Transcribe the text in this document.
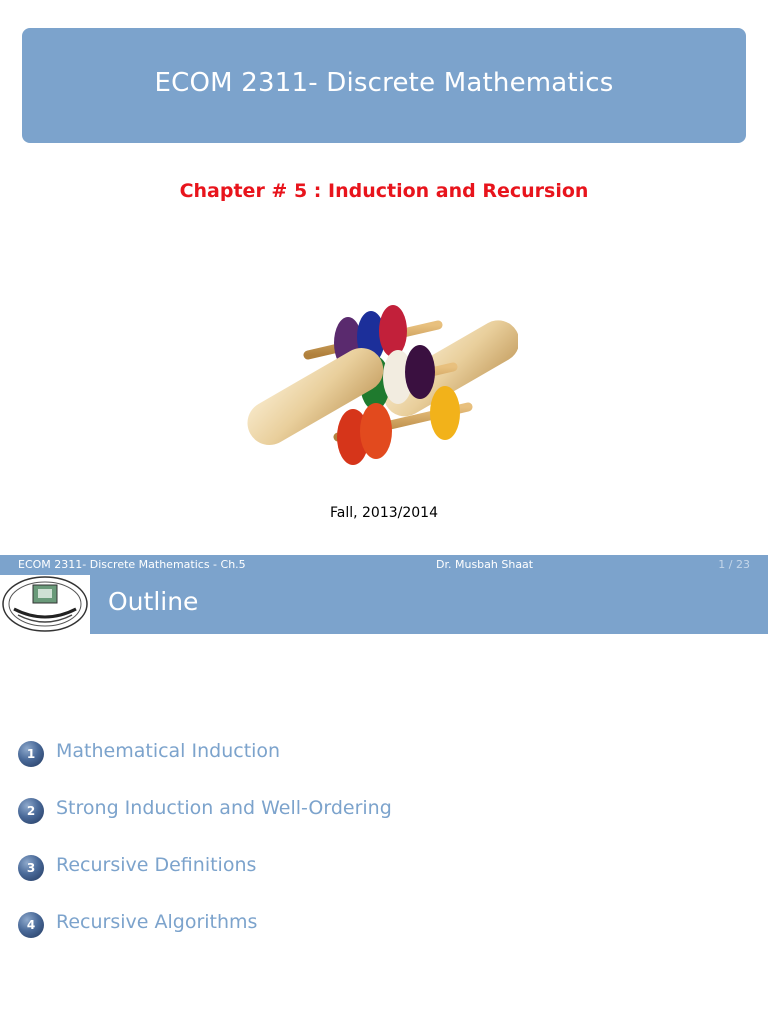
ECOM 2311- Discrete Mathematics
Chapter # 5 : Induction and Recursion
Fall, 2013/2014
ECOM 2311- Discrete Mathematics - Ch.5	Dr. Musbah Shaat	1 / 23
Outline
1	Mathematical Induction
2	Strong Induction and Well-Ordering
3	Recursive Definitions
4	Recursive Algorithms
